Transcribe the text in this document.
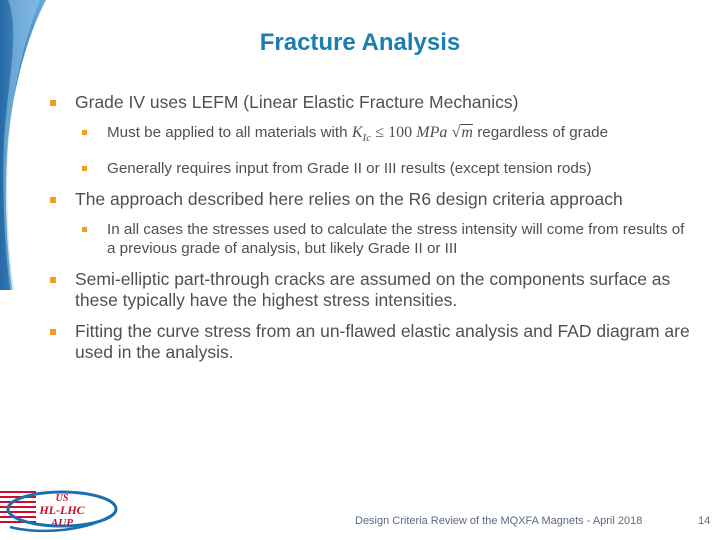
Fracture Analysis
Grade IV uses LEFM (Linear Elastic Fracture Mechanics)
Must be applied to all materials with $K_{Ic} \le 100$ MPa √m regardless of grade
Generally requires input from Grade II or III results (except tension rods)
The approach described here relies on the R6 design criteria approach
In all cases the stresses used to calculate the stress intensity will come from results of a previous grade of analysis, but likely Grade II or III
Semi-elliptic part-through cracks are assumed on the components surface as these typically have the highest stress intensities.
Fitting the curve stress from an un-flawed elastic analysis and FAD diagram are used in the analysis.
US
HL-LHC
AUP	Design Criteria Review of the MQXFA Magnets - April 2018	14
